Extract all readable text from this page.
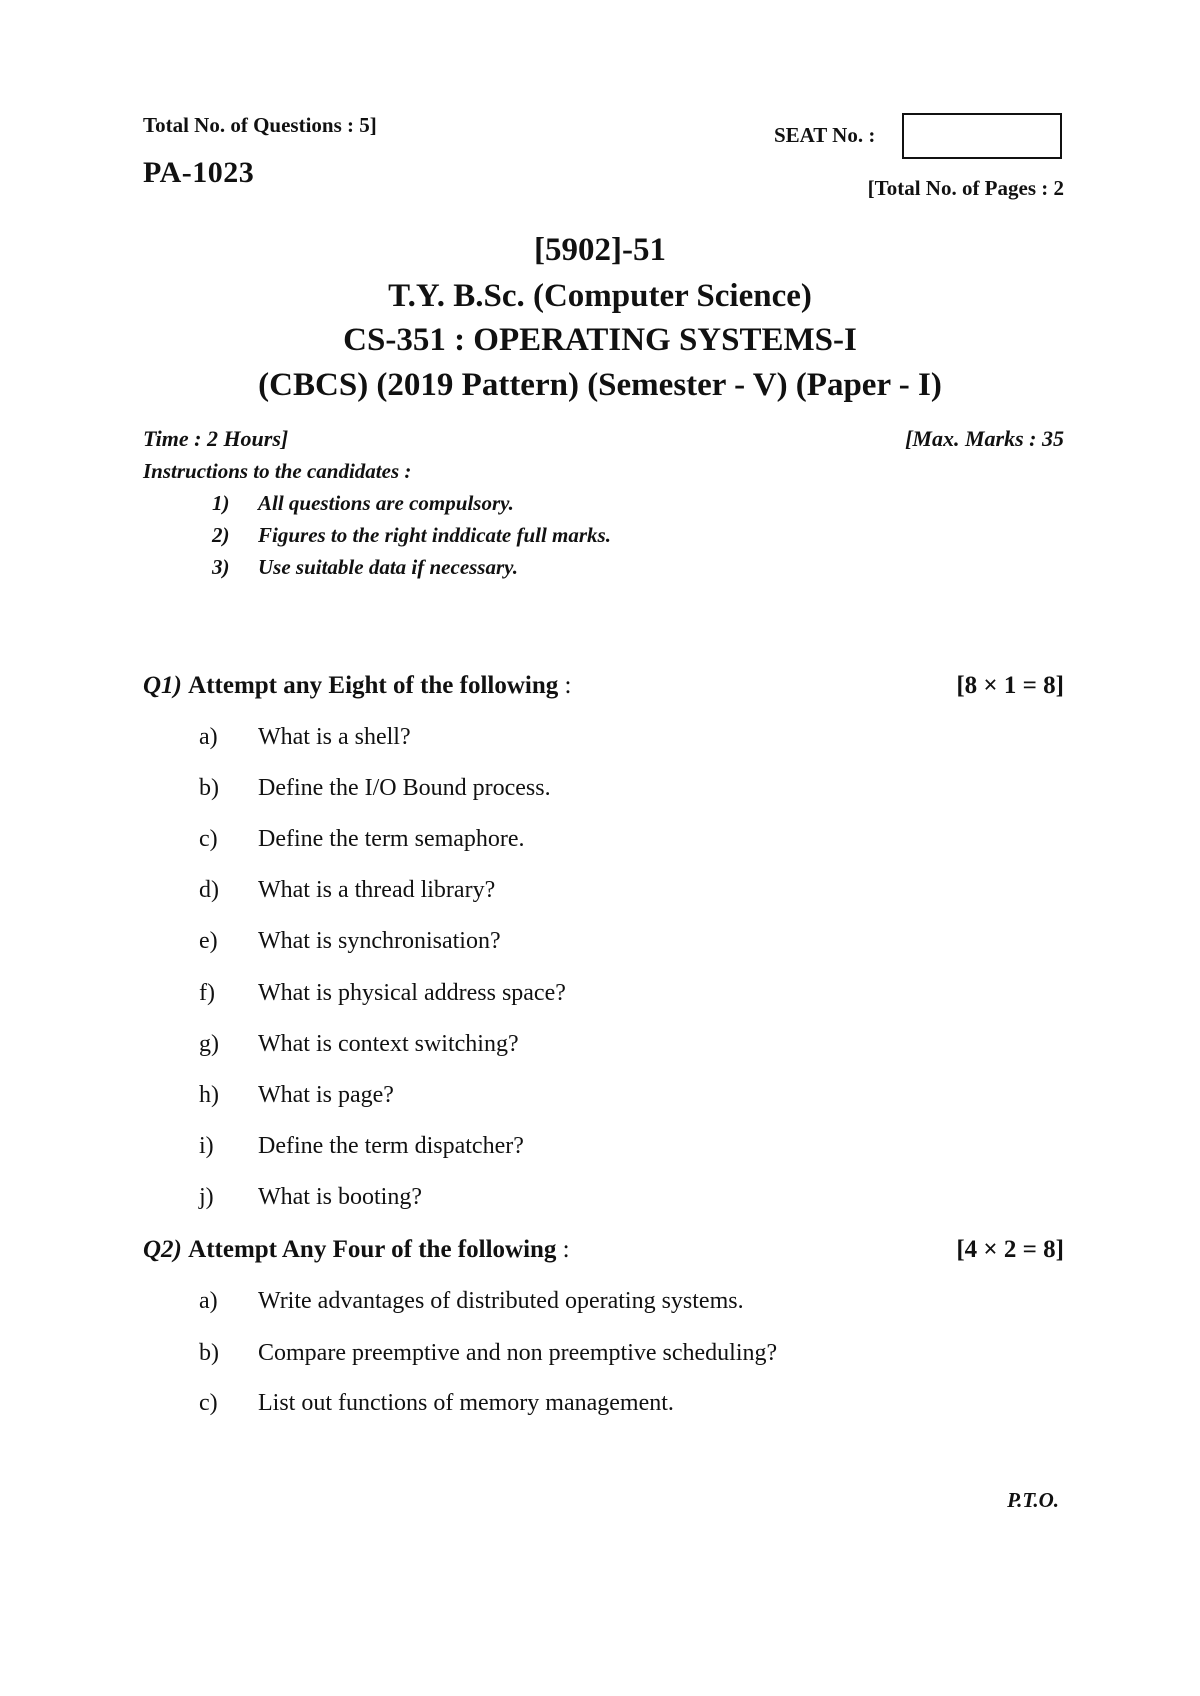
Total No. of Questions : 5]
PA-1023
SEAT No. :
[Total No. of Pages : 2
[5902]-51
T.Y. B.Sc. (Computer Science)
CS-351 : OPERATING SYSTEMS-I
(CBCS) (2019 Pattern) (Semester - V) (Paper - I)
Time : 2 Hours]	[Max. Marks : 35
Instructions to the candidates :
1) All questions are compulsory.
2) Figures to the right inddicate full marks.
3) Use suitable data if necessary.
Q1) Attempt any Eight of the following :	[8 × 1 = 8]
a) What is a shell?
b) Define the I/O Bound process.
c) Define the term semaphore.
d) What is a thread library?
e) What is synchronisation?
f) What is physical address space?
g) What is context switching?
h) What is page?
i) Define the term dispatcher?
j) What is booting?
Q2) Attempt Any Four of the following :	[4 × 2 = 8]
a) Write advantages of distributed operating systems.
b) Compare preemptive and non preemptive scheduling?
c) List out functions of memory management.
P.T.O.
